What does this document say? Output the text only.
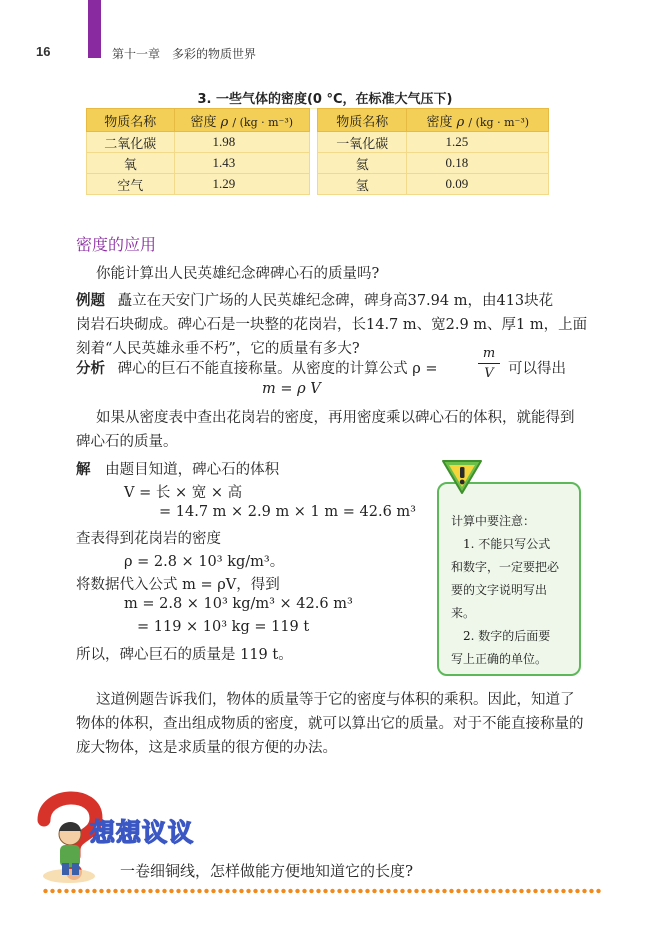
16	第十一章　多彩的物质世界
3. 一些气体的密度(0 °C，在标准大气压下)
物质名称	密度 ρ / (kg · m⁻³)		物质名称	密度 ρ / (kg · m⁻³)
二氧化碳	1.98		一氧化碳	1.25
氧	1.43		氦	0.18
空气	1.29		氢	0.09
密度的应用
你能计算出人民英雄纪念碑碑心石的质量吗?
例题 矗立在天安门广场的人民英雄纪念碑，碑身高37.94 m，由413块花
岗岩石块砌成。碑心石是一块整的花岗岩，长14.7 m、宽2.9 m、厚1 m，上面
刻着“人民英雄永垂不朽”，它的质量有多大?
分析 碑心的巨石不能直接称量。从密度的计算公式 ρ =
m
V 可以得出
m = ρ V
如果从密度表中查出花岗岩的密度，再用密度乘以碑心石的体积，就能得到
碑心石的质量。
解 由题目知道，碑心石的体积
V = 长 × 宽 × 高
= 14.7 m × 2.9 m × 1 m = 42.6 m³
查表得到花岗岩的密度
ρ = 2.8 × 10³ kg/m³。
将数据代入公式 m = ρV，得到
m = 2.8 × 10³ kg/m³ × 42.6 m³
= 119 × 10³ kg = 119 t
所以，碑心巨石的质量是 119 t。
计算中要注意：
1. 不能只写公式
和数字，一定要把必
要的文字说明写出
来。
2. 数字的后面要
写上正确的单位。
这道例题告诉我们，物体的质量等于它的密度与体积的乘积。因此，知道了
物体的体积，查出组成物质的密度，就可以算出它的质量。对于不能直接称量的
庞大物体，这是求质量的很方便的办法。
想想议议
一卷细铜线，怎样做能方便地知道它的长度?
